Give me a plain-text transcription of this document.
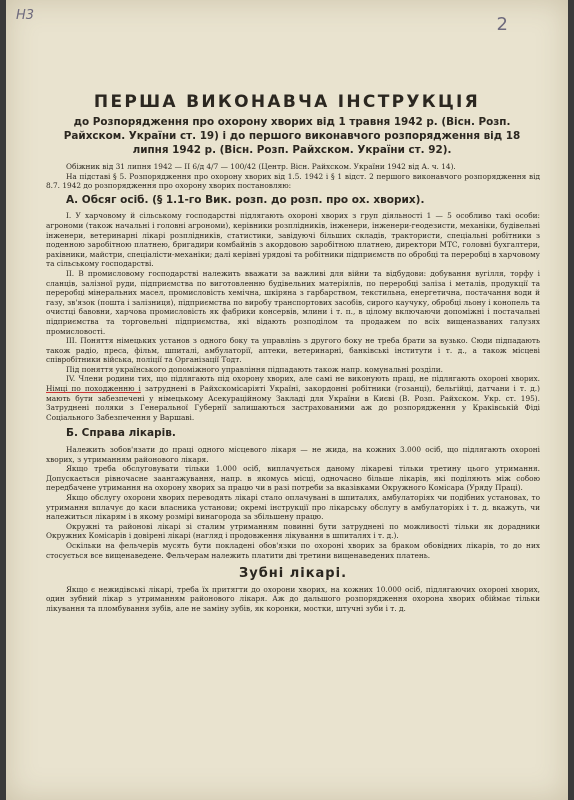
Н3	2
ПЕРША ВИКОНАВЧА ІНСТРУКЦІЯ
до Розпорядження про охорону хворих від 1 травня 1942 р. (Вісн. Розп. Райхском. України ст. 19) і до першого виконавчого розпорядження від 18 липня 1942 р. (Вісн. Розп. Райхском. України ст. 92).

Обіжник від 31 липня 1942 — II 6/д 4/7 — 100/42 (Центр. Вісн. Райхском. України 1942 від А. ч. 14).

На підставі § 5. Розпорядження про охорону хворих від 1.5. 1942 і § 1 відст. 2 першого виконавчого розпорядження від 8.7. 1942 до розпорядження про охорону хворих постановляю:

А. Обсяг осіб. (§ 1.1-го Вик. розп. до розп. про ох. хворих).

І. У харчовому й сільському господарстві підлягають охороні хворих з груп діяльності 1 — 5 особливо такі особи: агрономи (також начальні і головні агрономи), керівники розплідників, інженери, інженери-геодезисти, механіки, будівельні інженери, ветеринарні лікарі розплідників, статистики, завідуючі більших складів, трактористи, спеціальні робітники з поденною заробітною платнею, бригадири комбайнів з акордовою заробітною платнею, директори МТС, головні бухгалтери, рахівники, майстри, спеціалісти-механіки; далі керівні урядові та робітники підприємств по обробці та переробці в харчовому та сільському господарстві.

ІІ. В промисловому господарстві належить вважати за важливі для війни та відбудови: добування вугілля, торфу і сланців, залізної руди, підприємства по виготовленню будівельних матеріялів, по переробці заліза і металів, продукції та переробці мінеральних масел, промисловість хемічна, шкіряна з гарбарством, текстильна, енергетична, постачання води й газу, зв'язок (пошта і залізниця), підприємства по виробу транспортових засобів, сирого каучуку, обробці льону і конопель та очистці бавовни, харчова промисловість як фабрики консервів, млини і т. п., в цілому включаючи допоміжні і постачальні підприємства та торговельні підприємства, які відають розподілом та продажем по всіх вищеназваних галузях промисловості.

ІІІ. Поняття німецьких установ з одного боку та управлінь з другого боку не треба брати за вузько. Сюди підпадають також радіо, преса, фільм, шпиталі, амбулаторії, аптеки, ветеринарні, банківські інститути і т. д., а також місцеві співробітники війська, поліції та Організації Тодт.

Під поняття українського допоміжного управління підпадають також напр. комунальні розділи.

IV. Члени родини тих, що підлягають під охорону хворих, але самі не виконують праці, не підлягають охороні хворих. Німці по походженню і затруднені в Райхскомісаріяті Україні, закордонні робітники (гозанці), бельгійці, датчани і т. д.) мають бути забезпечені у німецькому Асекураційному Закладі для України в Києві (В. Розп. Райхском. Укр. ст. 195). Затруднені поляки з Генеральної Губернії залишаються застрахованими аж до розпорядження у Краківській Фіді Соціального Забезпечення у Варшаві.

Б. Справа лікарів.

Належить зобов'язати до праці одного місцевого лікаря — не жида, на кожних 3.000 осіб, що підлягають охороні хворих, з утриманням районового лікаря.

Якщо треба обслуговувати тільки 1.000 осіб, виплачується даному лікареві тільки третину цього утримання. Допускається рівночасне заангажування, напр. в якомусь місці, одночасно більше лікарів, які поділяють між собою передбачене утримання на охорону хворих за працю чи в разі потреби за вказівками Окружного Комісара (Уряду Праці).

Якщо обслугу охорони хворих переводять лікарі стало оплачувані в шпиталях, амбулаторіях чи подібних установах, то утримання вплачує до каси власника установи; окремі інструкції про лікарську обслугу в амбулаторіях і т. д. вкажуть, чи належиться лікарям і в якому розмірі винагорода за збільшену працю.

Окружні та районові лікарі зі сталим утриманням повинні бути затруднені по можливості тільки як дорадники Окружних Комісарів і довірені лікарі (нагляд і продовження лікування в шпиталях і т. д.).

Оскільки на фельчерів мусять бути покладені обов'язки по охороні хворих за браком обовідних лікарів, то до них стосується все вищенаведене. Фельчерам належить платити дві третини вищенаведених платень.

Зубні лікарі.

Якщо є нежидівські лікарі, треба їх притягти до охорони хворих, на кожних 10.000 осіб, підлягаючих охороні хворих, один зубний лікар з утриманням районового лікаря. Аж до дальшого розпорядження охорона хворих обіймає тільки лікування та пломбування зубів, але не заміну зубів, як коронки, мостки, штучні зуби і т. д.
